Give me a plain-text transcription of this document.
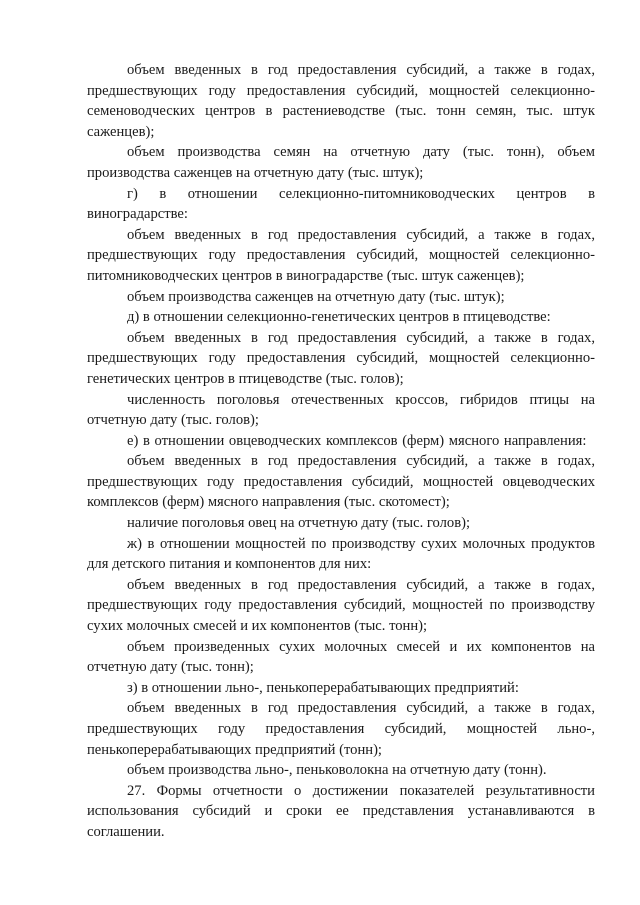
объем введенных в год предоставления субсидий, а также в годах, предшествующих году предоставления субсидий, мощностей селекционно-семеноводческих центров в растениеводстве (тыс. тонн семян, тыс. штук саженцев);

объем производства семян на отчетную дату (тыс. тонн), объем производства саженцев на отчетную дату (тыс. штук);

г) в отношении селекционно-питомниководческих центров в виноградарстве:

объем введенных в год предоставления субсидий, а также в годах, предшествующих году предоставления субсидий, мощностей селекционно-питомниководческих центров в виноградарстве (тыс. штук саженцев);

объем производства саженцев на отчетную дату (тыс. штук);

д) в отношении селекционно-генетических центров в птицеводстве:

объем введенных в год предоставления субсидий, а также в годах, предшествующих году предоставления субсидий, мощностей селекционно-генетических центров в птицеводстве (тыс. голов);

численность поголовья отечественных кроссов, гибридов птицы на отчетную дату (тыс. голов);

е) в отношении овцеводческих комплексов (ферм) мясного направления:

объем введенных в год предоставления субсидий, а также в годах, предшествующих году предоставления субсидий, мощностей овцеводческих комплексов (ферм) мясного направления (тыс. скотомест);

наличие поголовья овец на отчетную дату (тыс. голов);

ж) в отношении мощностей по производству сухих молочных продуктов для детского питания и компонентов для них:

объем введенных в год предоставления субсидий, а также в годах, предшествующих году предоставления субсидий, мощностей по производству сухих молочных смесей и их компонентов (тыс. тонн);

объем произведенных сухих молочных смесей и их компонентов на отчетную дату (тыс. тонн);

з) в отношении льно-, пенькоперерабатывающих предприятий:

объем введенных в год предоставления субсидий, а также в годах, предшествующих году предоставления субсидий, мощностей льно-, пенькоперерабатывающих предприятий (тонн);

объем производства льно-, пеньковолокна на отчетную дату (тонн).

27. Формы отчетности о достижении показателей результативности использования субсидий и сроки ее представления устанавливаются в соглашении.
